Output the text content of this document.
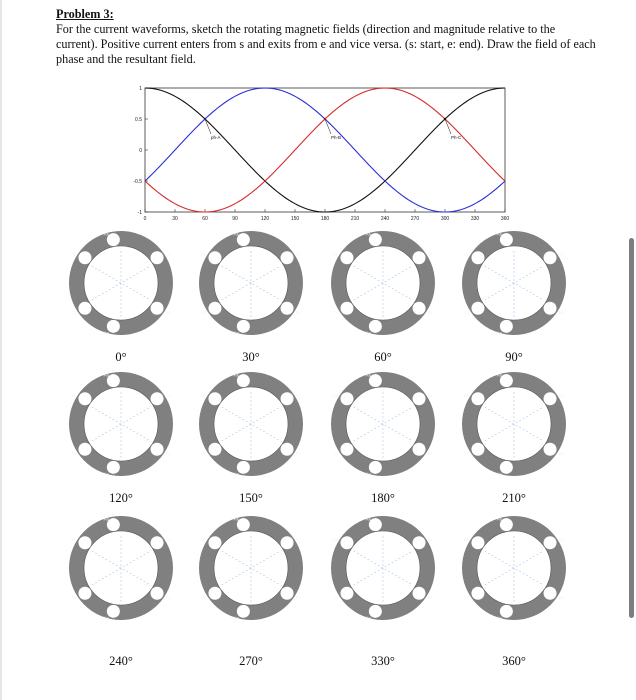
Problem 3:
For the current waveforms, sketch the rotating magnetic fields (direction and magnitude relative to the current). Positive current enters from s and exits from e and vice versa. (s: start, e: end). Draw the field of each phase and the resultant field.
0	30	60	90	120	150	180	210	240	270	300	330	360
1
0.5
0
-0.5
-1
ph-A	Ph-B	Ph-C
As
Ce
Bs
Ae
Cs
Be
As
Ce
Bs
Ae
Cs
Be
As
Ce
Bs
Ae
Cs
Be
As
Ce
Bs
Ae
Cs
Be
As
Ce
Bs
Ae
Cs
Be
As
Ce
Bs
Ae
Cs
Be
As
Ce
Bs
Ae
Cs
Be
As
Ce
Bs
Ae
Cs
Be
As
Ce
Bs
Ae
Cs
Be
As
Ce
Bs
Ae
Cs
Be
As
Ce
Bs
Ae
Cs
Be
As
Ce
Bs
Ae
Cs
Be
0°	30°	60°	90°
120°	150°	180°	210°
240°	270°	330°	360°
